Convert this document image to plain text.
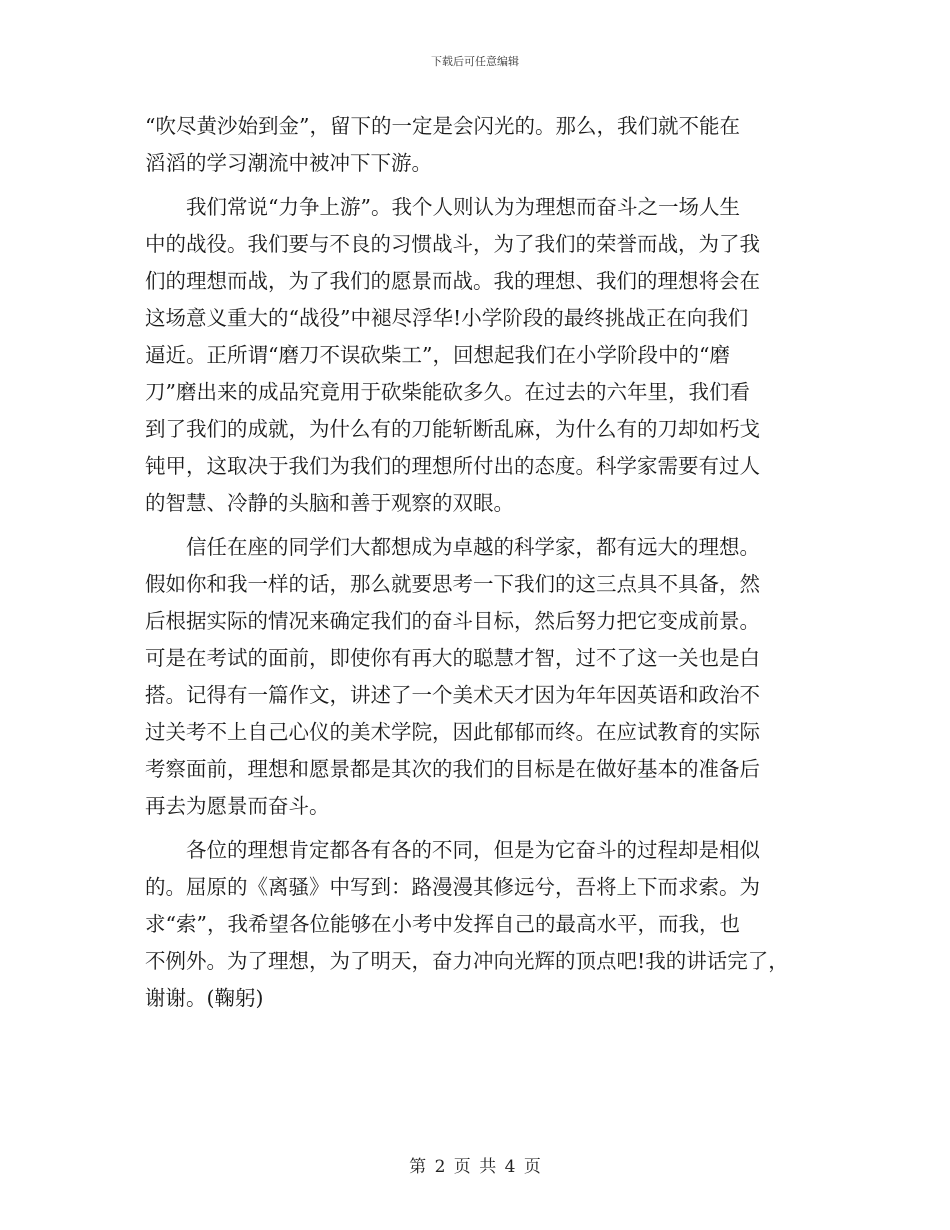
下载后可任意编辑
“吹尽黄沙始到金”，留下的一定是会闪光的。那么，我们就不能在
滔滔的学习潮流中被冲下下游。
　　我们常说“力争上游”。我个人则认为为理想而奋斗之一场人生
中的战役。我们要与不良的习惯战斗，为了我们的荣誉而战，为了我
们的理想而战，为了我们的愿景而战。我的理想、我们的理想将会在
这场意义重大的“战役”中褪尽浮华!小学阶段的最终挑战正在向我们
逼近。正所谓“磨刀不误砍柴工”，回想起我们在小学阶段中的“磨
刀”磨出来的成品究竟用于砍柴能砍多久。在过去的六年里，我们看
到了我们的成就，为什么有的刀能斩断乱麻，为什么有的刀却如朽戈
钝甲，这取决于我们为我们的理想所付出的态度。科学家需要有过人
的智慧、冷静的头脑和善于观察的双眼。
　　信任在座的同学们大都想成为卓越的科学家，都有远大的理想。
假如你和我一样的话，那么就要思考一下我们的这三点具不具备，然
后根据实际的情况来确定我们的奋斗目标，然后努力把它变成前景。
可是在考试的面前，即使你有再大的聪慧才智，过不了这一关也是白
搭。记得有一篇作文，讲述了一个美术天才因为年年因英语和政治不
过关考不上自己心仪的美术学院，因此郁郁而终。在应试教育的实际
考察面前，理想和愿景都是其次的我们的目标是在做好基本的准备后
再去为愿景而奋斗。
　　各位的理想肯定都各有各的不同，但是为它奋斗的过程却是相似
的。屈原的《离骚》中写到：路漫漫其修远兮，吾将上下而求索。为
求“索”，我希望各位能够在小考中发挥自己的最高水平，而我，也
不例外。为了理想，为了明天，奋力冲向光辉的顶点吧!我的讲话完了，
谢谢。(鞠躬)
第 2 页 共 4 页
